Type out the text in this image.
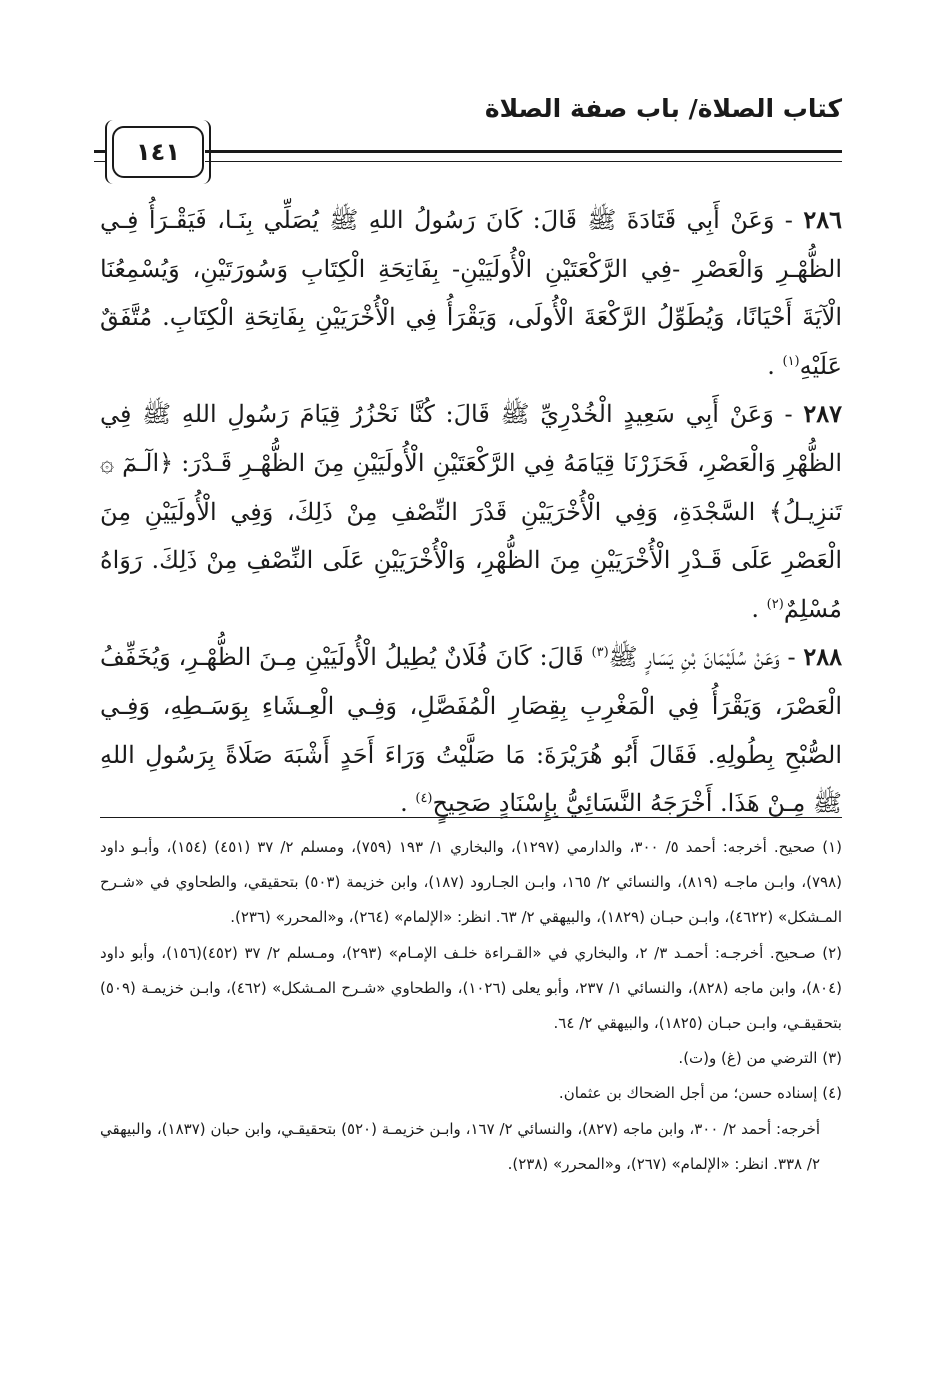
كتاب الصلاة/ باب صفة الصلاة
١٤١

٢٨٦ - وَعَنْ أَبِي قَتَادَةَ ﷺ قَالَ: كَانَ رَسُولُ اللهِ ﷺ يُصَلِّي بِنَـا، فَيَقْـرَأُ فِـي الظُّهْـرِ وَالْعَصْرِ -فِي الرَّكْعَتَيْنِ الْأُولَيَيْنِ- بِفَاتِحَةِ الْكِتَابِ وَسُورَتَيْنِ، وَيُسْمِعُنَا الْآيَةَ أَحْيَانًا، وَيُطَوِّلُ الرَّكْعَةَ الْأُولَى، وَيَقْرَأُ فِي الْأُخْرَيَيْنِ بِفَاتِحَةِ الْكِتَابِ. مُتَّفَقٌ عَلَيْهِ$^{(١)}$ .

٢٨٧ - وَعَنْ أَبِي سَعِيدٍ الْخُدْرِيِّ ﷺ قَالَ: كُنَّا نَحْزُرُ قِيَامَ رَسُولِ اللهِ ﷺ فِي الظُّهْرِ وَالْعَصْرِ، فَحَزَرْنَا قِيَامَهُ فِي الرَّكْعَتَيْنِ الْأُولَيَيْنِ مِنَ الظُّهْـرِ قَـدْرَ: ﴿الٓـمٓ ۞ تَنزِيـلُ﴾ السَّجْدَةِ، وَفِي الْأُخْرَيَيْنِ قَدْرَ النِّصْفِ مِنْ ذَلِكَ، وَفِي الْأُولَيَيْنِ مِنَ الْعَصْرِ عَلَى قَـدْرِ الْأُخْرَيَيْنِ مِنَ الظُّهْرِ، وَالْأُخْرَيَيْنِ عَلَى النِّصْفِ مِنْ ذَلِكَ. رَوَاهُ مُسْلِمٌ$^{(٢)}$ .

٢٨٨ - وَعَنْ سُلَيْمَانَ بْنِ يَسَارٍ ﷺ$^{(٣)}$ قَالَ: كَانَ فُلَانٌ يُطِيلُ الْأُولَيَيْنِ مِـنَ الظُّهْـرِ، وَيُخَفِّفُ الْعَصْرَ، وَيَقْرَأُ فِي الْمَغْرِبِ بِقِصَارِ الْمُفَصَّلِ، وَفِـي الْعِـشَاءِ بِوَسَـطِهِ، وَفِـي الصُّبْحِ بِطُولِهِ. فَقَالَ أَبُو هُرَيْرَةَ: مَا صَلَّيْتُ وَرَاءَ أَحَدٍ أَشْبَهَ صَلَاةً بِرَسُولِ اللهِ ﷺ مِـنْ هَذَا. أَخْرَجَهُ النَّسَائِيُّ بِإِسْنَادٍ صَحِيحٍ$^{(٤)}$ .

(١) صحيح. أخرجه: أحمد ٥/ ٣٠٠، والدارمي (١٢٩٧)، والبخاري ١/ ١٩٣ (٧٥٩)، ومسلم ٢/ ٣٧ (٤٥١) (١٥٤)، وأبـو داود (٧٩٨)، وابـن ماجـه (٨١٩)، والنسائي ٢/ ١٦٥، وابـن الجـارود (١٨٧)، وابن خزيمة (٥٠٣) بتحقيقي، والطحاوي في «شـرح المـشكل» (٤٦٢٢)، وابـن حبـان (١٨٢٩)، والبيهقي ٢/ ٦٣. انظر: «الإلمام» (٢٦٤)، و«المحرر» (٢٣٦).

(٢) صـحيح. أخرجـه: أحمـد ٣/ ٢، والبخاري في «القـراءة خلـف الإمـام» (٢٩٣)، ومـسلم ٢/ ٣٧ (٤٥٢)(١٥٦)، وأبو داود (٨٠٤)، وابن ماجه (٨٢٨)، والنسائي ١/ ٢٣٧، وأبو يعلى (١٠٢٦)، والطحاوي «شـرح المـشكل» (٤٦٢)، وابـن خزيمـة (٥٠٩) بتحقيقـي، وابـن حبـان (١٨٢٥)، والبيهقي ٢/ ٦٤.

(٣) الترضي من (غ) و(ت).

(٤) إسناده حسن؛ من أجل الضحاك بن عثمان.

أخرجه: أحمد ٢/ ٣٠٠، وابن ماجه (٨٢٧)، والنسائي ٢/ ١٦٧، وابـن خزيمـة (٥٢٠) بتحقيقـي، وابن حبان (١٨٣٧)، والبيهقي ٢/ ٣٣٨. انظر: «الإلمام» (٢٦٧)، و«المحرر» (٢٣٨).
